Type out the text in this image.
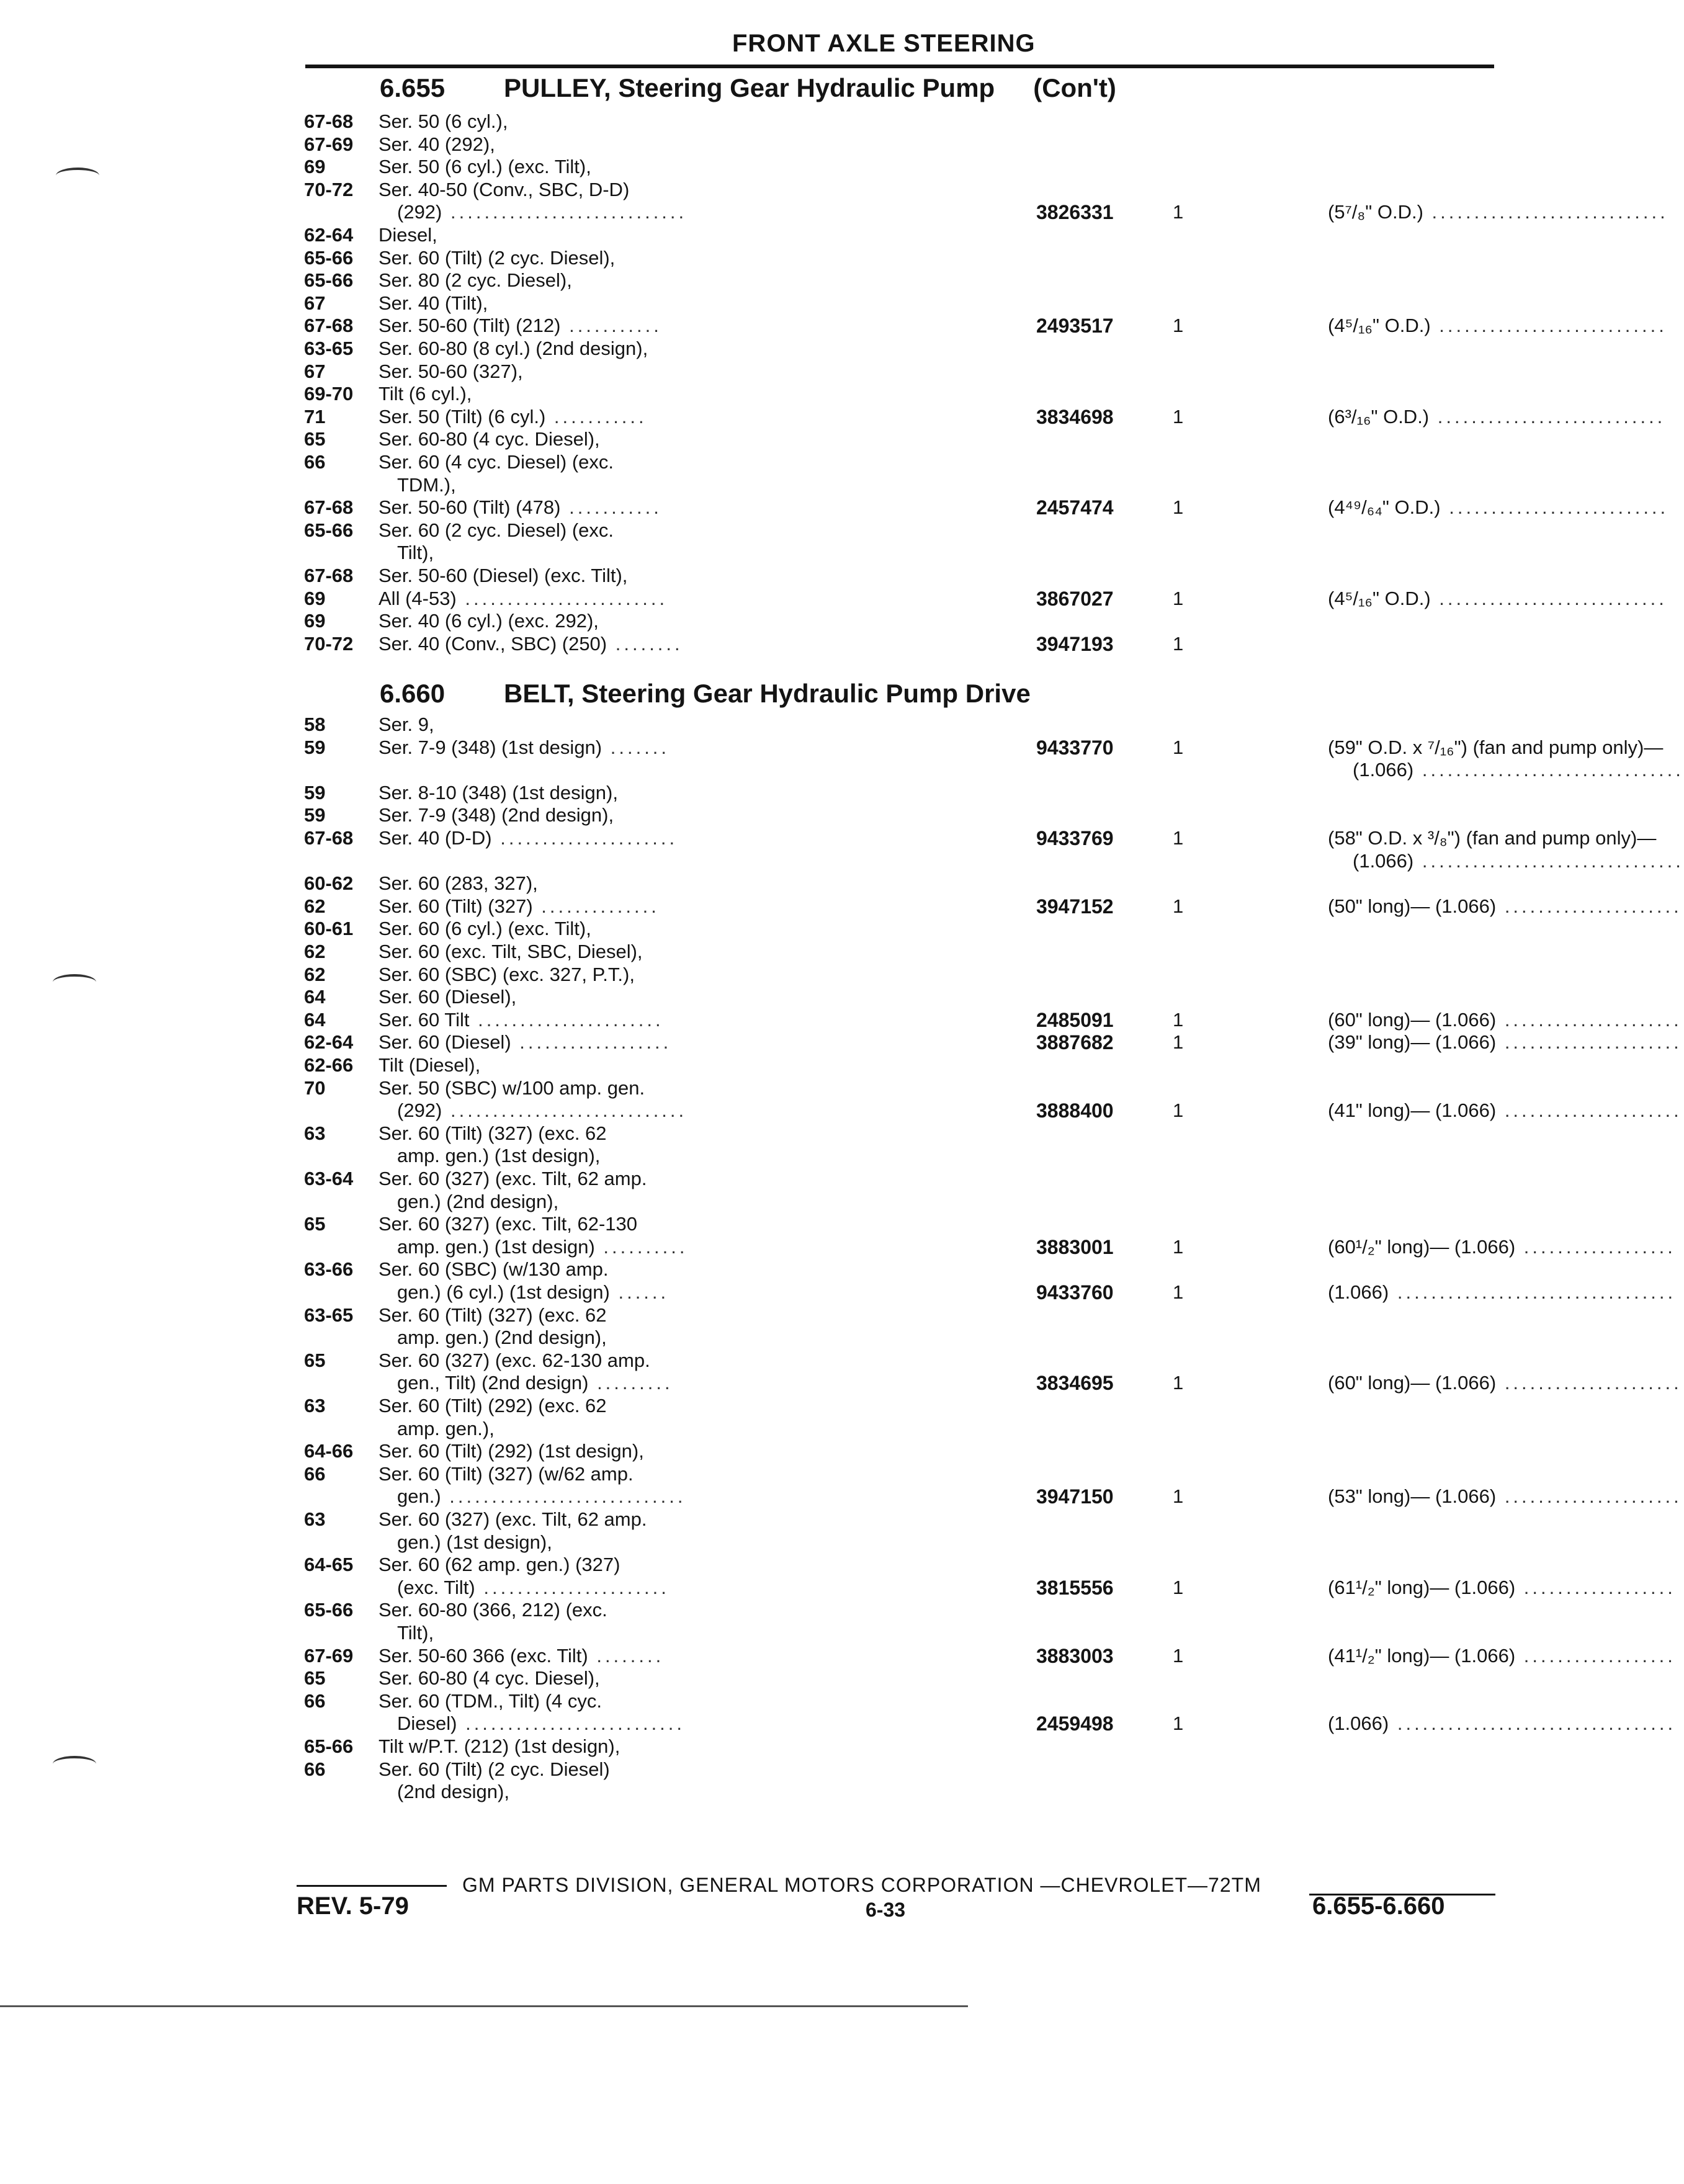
FRONT AXLE STEERING
6.655 PULLEY, Steering Gear Hydraulic Pump (Con't)
67-68 Ser. 50 (6 cyl.),
67-69 Ser. 40 (292),
69	Ser. 50 (6 cyl.) (exc. Tilt),
70-72 Ser. 40-50 (Conv., SBC, D-D)
(292) ............................	3826331	1	(5⁷/₈" O.D.) ............................
62-64 Diesel,
65-66 Ser. 60 (Tilt) (2 cyc. Diesel),
65-66 Ser. 80 (2 cyc. Diesel),
67	Ser. 40 (Tilt),
67-68 Ser. 50-60 (Tilt) (212) ...........	2493517	1	(4⁵/₁₆" O.D.) ...........................
63-65 Ser. 60-80 (8 cyl.) (2nd design),
67	Ser. 50-60 (327),
69-70 Tilt (6 cyl.),
71	Ser. 50 (Tilt) (6 cyl.) ...........	3834698	1	(6³/₁₆" O.D.) ...........................
65	Ser. 60-80 (4 cyc. Diesel),
66	Ser. 60 (4 cyc. Diesel) (exc.
TDM.),
67-68 Ser. 50-60 (Tilt) (478) ...........	2457474	1	(4⁴⁹/₆₄" O.D.) ..........................
65-66 Ser. 60 (2 cyc. Diesel) (exc.
Tilt),
67-68 Ser. 50-60 (Diesel) (exc. Tilt),
69	All (4-53) ........................	3867027	1	(4⁵/₁₆" O.D.) ...........................
69	Ser. 40 (6 cyl.) (exc. 292),
70-72 Ser. 40 (Conv., SBC) (250) ........	3947193	1
6.660 BELT, Steering Gear Hydraulic Pump Drive
58	Ser. 9,
59	Ser. 7-9 (348) (1st design) .......	9433770	1	(59" O.D. x ⁷/₁₆") (fan and pump only)—
(1.066) ...............................
59	Ser. 8-10 (348) (1st design),
59	Ser. 7-9 (348) (2nd design),
67-68 Ser. 40 (D-D) .....................	9433769	1	(58" O.D. x ³/₈") (fan and pump only)—
(1.066) ...............................
60-62 Ser. 60 (283, 327),
62	Ser. 60 (Tilt) (327) ..............	3947152	1	(50" long)— (1.066) .....................
60-61 Ser. 60 (6 cyl.) (exc. Tilt),
62	Ser. 60 (exc. Tilt, SBC, Diesel),
62	Ser. 60 (SBC) (exc. 327, P.T.),
64	Ser. 60 (Diesel),
64	Ser. 60 Tilt ......................	2485091	1	(60" long)— (1.066) .....................
62-64 Ser. 60 (Diesel) ..................	3887682	1	(39" long)— (1.066) .....................
62-66 Tilt (Diesel),
70	Ser. 50 (SBC) w/100 amp. gen.
(292) ............................	3888400	1	(41" long)— (1.066) .....................
63	Ser. 60 (Tilt) (327) (exc. 62
amp. gen.) (1st design),
63-64 Ser. 60 (327) (exc. Tilt, 62 amp.
gen.) (2nd design),
65	Ser. 60 (327) (exc. Tilt, 62-130
amp. gen.) (1st design) ..........	3883001	1	(60¹/₂" long)— (1.066) ..................
63-66 Ser. 60 (SBC) (w/130 amp.
gen.) (6 cyl.) (1st design) ......	9433760	1	(1.066) .................................
63-65 Ser. 60 (Tilt) (327) (exc. 62
amp. gen.) (2nd design),
65	Ser. 60 (327) (exc. 62-130 amp.
gen., Tilt) (2nd design) .........	3834695	1	(60" long)— (1.066) .....................
63	Ser. 60 (Tilt) (292) (exc. 62
amp. gen.),
64-66 Ser. 60 (Tilt) (292) (1st design),
66	Ser. 60 (Tilt) (327) (w/62 amp.
gen.) ............................	3947150	1	(53" long)— (1.066) .....................
63	Ser. 60 (327) (exc. Tilt, 62 amp.
gen.) (1st design),
64-65 Ser. 60 (62 amp. gen.) (327)
(exc. Tilt) ......................	3815556	1	(61¹/₂" long)— (1.066) ..................
65-66 Ser. 60-80 (366, 212) (exc.
Tilt),
67-69 Ser. 50-60 366 (exc. Tilt) ........	3883003	1	(41¹/₂" long)— (1.066) ..................
65	Ser. 60-80 (4 cyc. Diesel),
66	Ser. 60 (TDM., Tilt) (4 cyc.
Diesel) ..........................	2459498	1	(1.066) .................................
65-66 Tilt w/P.T. (212) (1st design),
66	Ser. 60 (Tilt) (2 cyc. Diesel)
(2nd design),
GM PARTS DIVISION, GENERAL MOTORS CORPORATION —CHEVROLET—72TM
REV. 5-79	6-33	6.655-6.660
